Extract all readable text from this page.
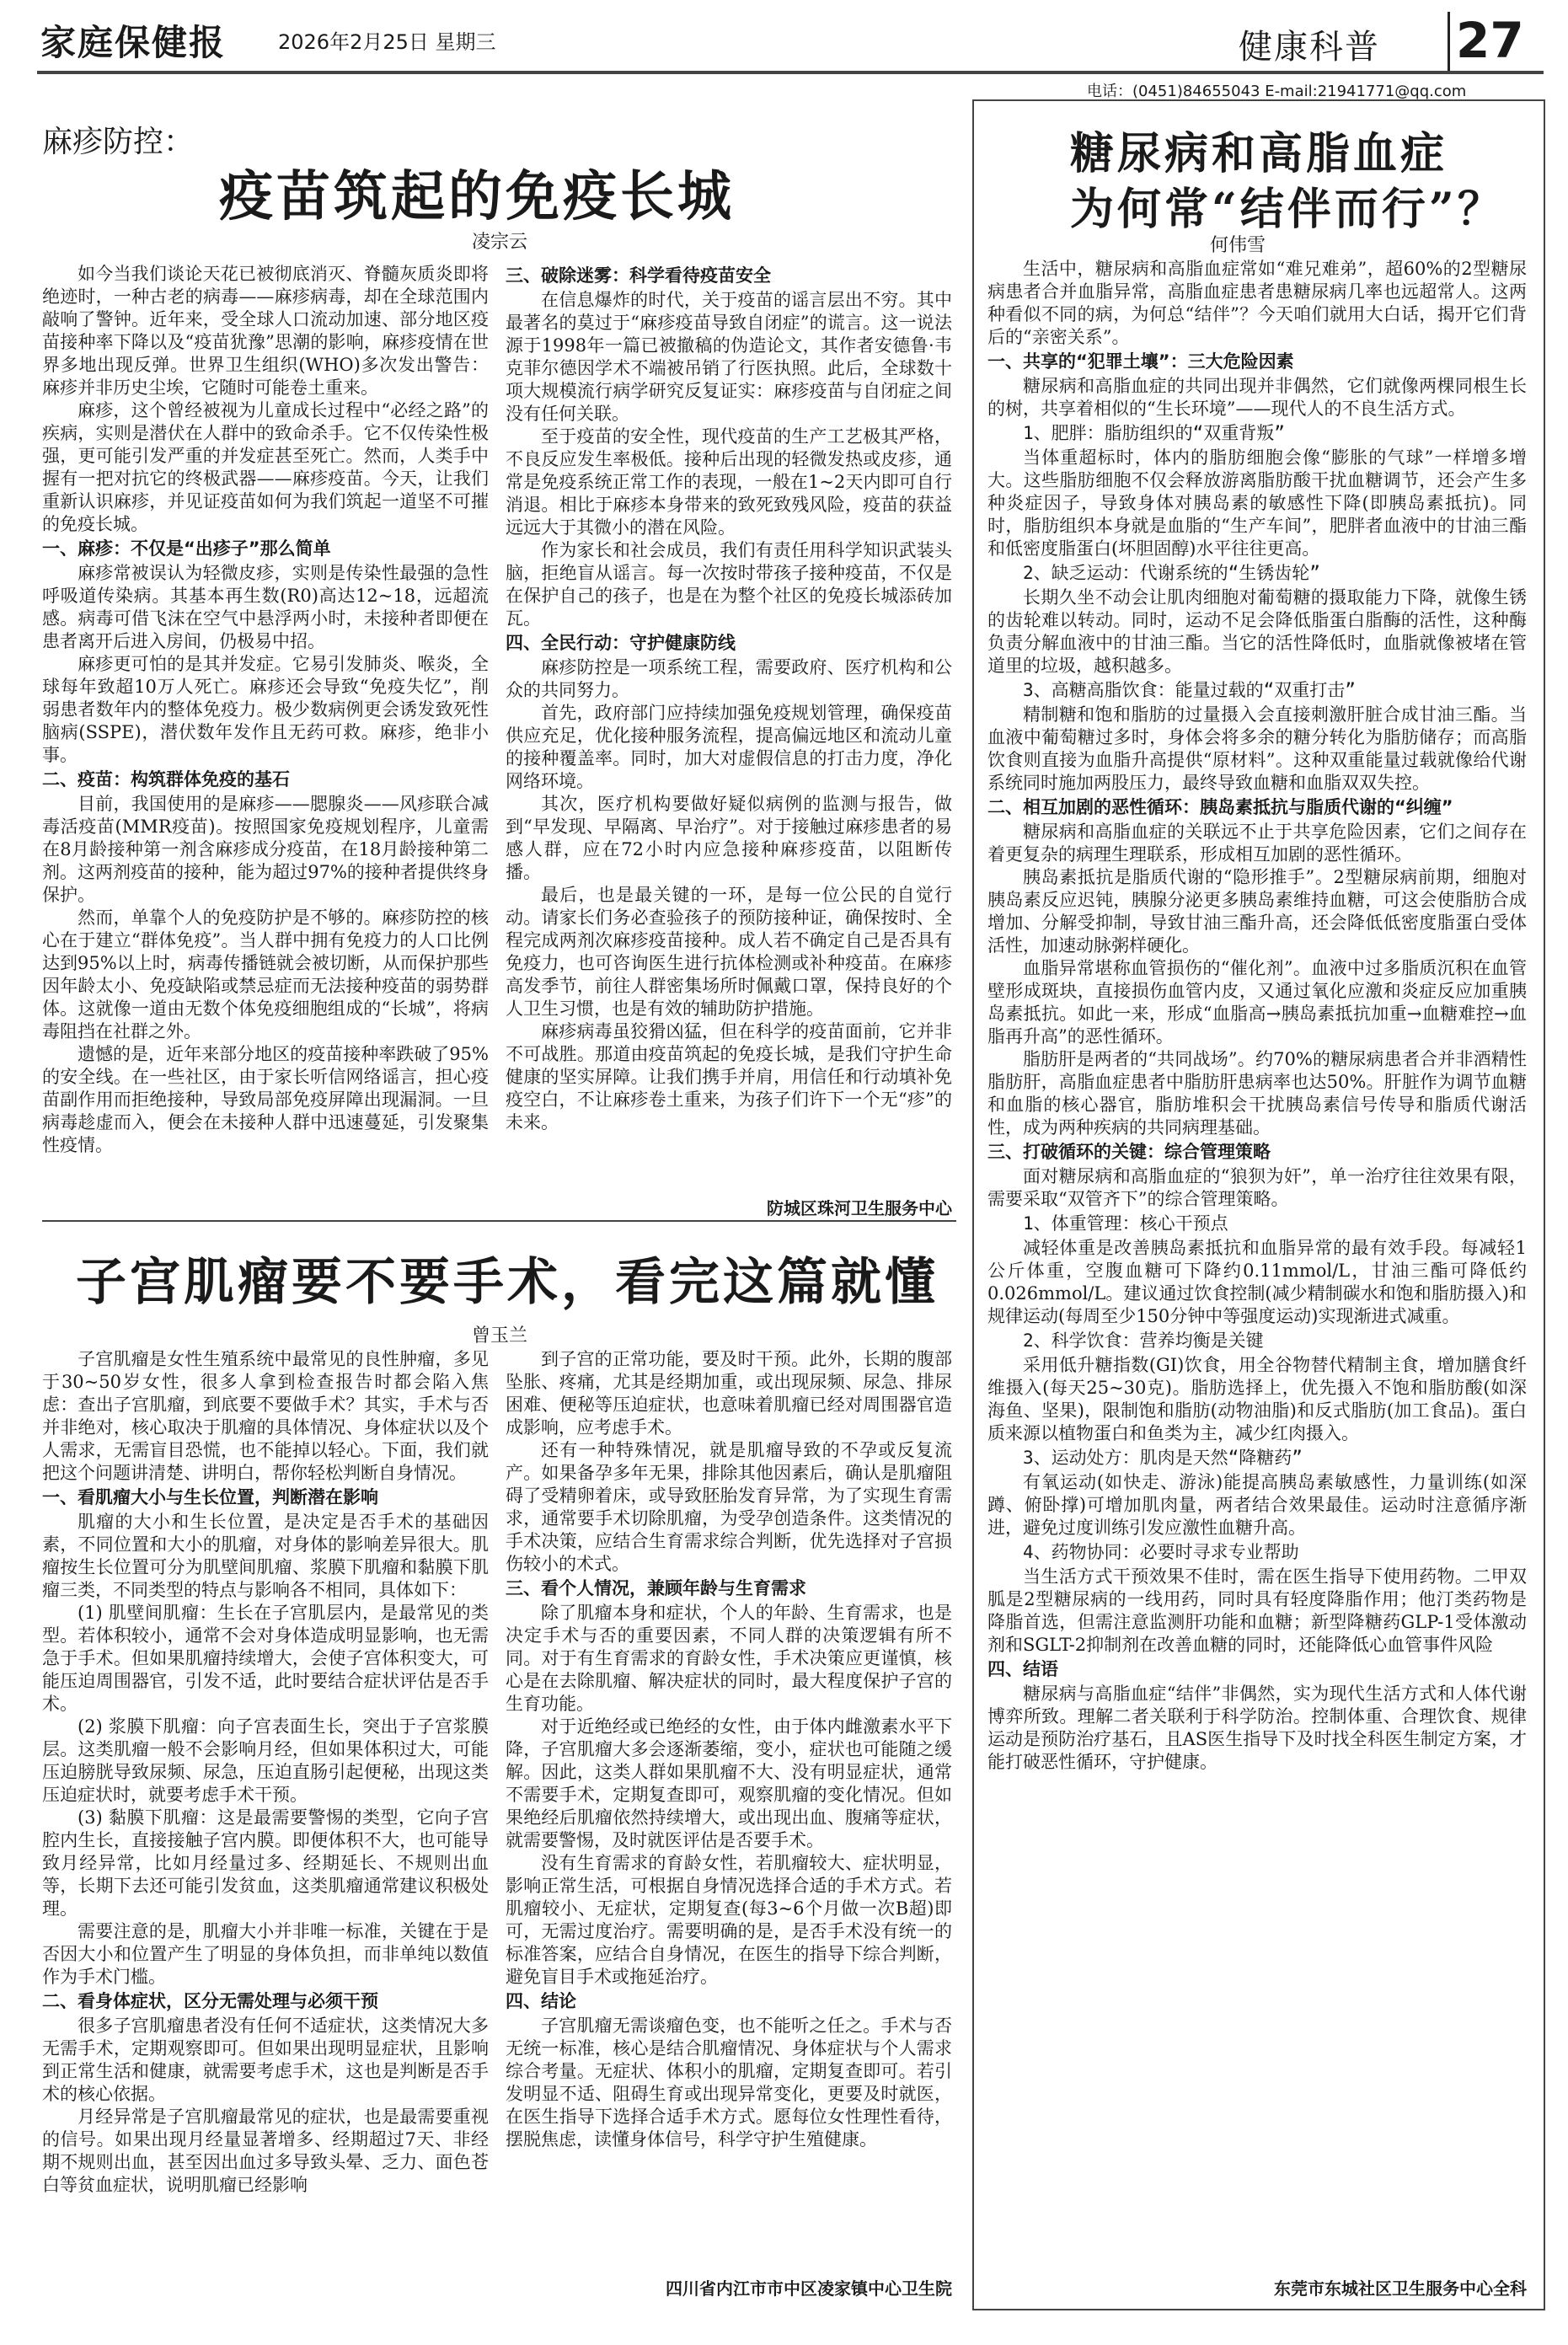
家庭保健报	2026年2月25日 星期三	健康科普 27
电话：(0451)84655043 E-mail:21941771@qq.com
麻疹防控：
疫苗筑起的免疫长城
凌宗云

如今当我们谈论天花已被彻底消灭、脊髓灰质炎即将绝迹时，一种古老的病毒——麻疹病毒，却在全球范围内敲响了警钟。近年来，受全球人口流动加速、部分地区疫苗接种率下降以及“疫苗犹豫”思潮的影响，麻疹疫情在世界多地出现反弹。世界卫生组织(WHO)多次发出警告：麻疹并非历史尘埃，它随时可能卷土重来。

麻疹，这个曾经被视为儿童成长过程中“必经之路”的疾病，实则是潜伏在人群中的致命杀手。它不仅传染性极强，更可能引发严重的并发症甚至死亡。然而，人类手中握有一把对抗它的终极武器——麻疹疫苗。今天，让我们重新认识麻疹，并见证疫苗如何为我们筑起一道坚不可摧的免疫长城。

一、麻疹：不仅是“出疹子”那么简单

麻疹常被误认为轻微皮疹，实则是传染性最强的急性呼吸道传染病。其基本再生数(R0)高达12~18，远超流感。病毒可借飞沫在空气中悬浮两小时，未接种者即便在患者离开后进入房间，仍极易中招。

麻疹更可怕的是其并发症。它易引发肺炎、喉炎，全球每年致超10万人死亡。麻疹还会导致“免疫失忆”，削弱患者数年内的整体免疫力。极少数病例更会诱发致死性脑病(SSPE)，潜伏数年发作且无药可救。麻疹，绝非小事。

二、疫苗：构筑群体免疫的基石

目前，我国使用的是麻疹——腮腺炎——风疹联合减毒活疫苗(MMR疫苗)。按照国家免疫规划程序，儿童需在8月龄接种第一剂含麻疹成分疫苗，在18月龄接种第二剂。这两剂疫苗的接种，能为超过97%的接种者提供终身保护。

然而，单靠个人的免疫防护是不够的。麻疹防控的核心在于建立“群体免疫”。当人群中拥有免疫力的人口比例达到95%以上时，病毒传播链就会被切断，从而保护那些因年龄太小、免疫缺陷或禁忌症而无法接种疫苗的弱势群体。这就像一道由无数个体免疫细胞组成的“长城”，将病毒阻挡在社群之外。

遗憾的是，近年来部分地区的疫苗接种率跌破了95%的安全线。在一些社区，由于家长听信网络谣言，担心疫苗副作用而拒绝接种，导致局部免疫屏障出现漏洞。一旦病毒趁虚而入，便会在未接种人群中迅速蔓延，引发聚集性疫情。

三、破除迷雾：科学看待疫苗安全

在信息爆炸的时代，关于疫苗的谣言层出不穷。其中最著名的莫过于“麻疹疫苗导致自闭症”的谎言。这一说法源于1998年一篇已被撤稿的伪造论文，其作者安德鲁·韦克菲尔德因学术不端被吊销了行医执照。此后，全球数十项大规模流行病学研究反复证实：麻疹疫苗与自闭症之间没有任何关联。

至于疫苗的安全性，现代疫苗的生产工艺极其严格，不良反应发生率极低。接种后出现的轻微发热或皮疹，通常是免疫系统正常工作的表现，一般在1~2天内即可自行消退。相比于麻疹本身带来的致死致残风险，疫苗的获益远远大于其微小的潜在风险。

作为家长和社会成员，我们有责任用科学知识武装头脑，拒绝盲从谣言。每一次按时带孩子接种疫苗，不仅是在保护自己的孩子，也是在为整个社区的免疫长城添砖加瓦。

四、全民行动：守护健康防线

麻疹防控是一项系统工程，需要政府、医疗机构和公众的共同努力。

首先，政府部门应持续加强免疫规划管理，确保疫苗供应充足，优化接种服务流程，提高偏远地区和流动儿童的接种覆盖率。同时，加大对虚假信息的打击力度，净化网络环境。

其次，医疗机构要做好疑似病例的监测与报告，做到“早发现、早隔离、早治疗”。对于接触过麻疹患者的易感人群，应在72小时内应急接种麻疹疫苗，以阻断传播。

最后，也是最关键的一环，是每一位公民的自觉行动。请家长们务必查验孩子的预防接种证，确保按时、全程完成两剂次麻疹疫苗接种。成人若不确定自己是否具有免疫力，也可咨询医生进行抗体检测或补种疫苗。在麻疹高发季节，前往人群密集场所时佩戴口罩，保持良好的个人卫生习惯，也是有效的辅助防护措施。

麻疹病毒虽狡猾凶猛，但在科学的疫苗面前，它并非不可战胜。那道由疫苗筑起的免疫长城，是我们守护生命健康的坚实屏障。让我们携手并肩，用信任和行动填补免疫空白，不让麻疹卷土重来，为孩子们许下一个无“疹”的未来。

防城区珠河卫生服务中心
子宫肌瘤要不要手术，看完这篇就懂
曾玉兰

子宫肌瘤是女性生殖系统中最常见的良性肿瘤，多见于30~50岁女性，很多人拿到检查报告时都会陷入焦虑：查出子宫肌瘤，到底要不要做手术？其实，手术与否并非绝对，核心取决于肌瘤的具体情况、身体症状以及个人需求，无需盲目恐慌，也不能掉以轻心。下面，我们就把这个问题讲清楚、讲明白，帮你轻松判断自身情况。

一、看肌瘤大小与生长位置，判断潜在影响

肌瘤的大小和生长位置，是决定是否手术的基础因素，不同位置和大小的肌瘤，对身体的影响差异很大。肌瘤按生长位置可分为肌壁间肌瘤、浆膜下肌瘤和黏膜下肌瘤三类，不同类型的特点与影响各不相同，具体如下：

(1) 肌壁间肌瘤：生长在子宫肌层内，是最常见的类型。若体积较小，通常不会对身体造成明显影响，也无需急于手术。但如果肌瘤持续增大，会使子宫体积变大，可能压迫周围器官，引发不适，此时要结合症状评估是否手术。

(2) 浆膜下肌瘤：向子宫表面生长，突出于子宫浆膜层。这类肌瘤一般不会影响月经，但如果体积过大，可能压迫膀胱导致尿频、尿急，压迫直肠引起便秘，出现这类压迫症状时，就要考虑手术干预。

(3) 黏膜下肌瘤：这是最需要警惕的类型，它向子宫腔内生长，直接接触子宫内膜。即便体积不大，也可能导致月经异常，比如月经量过多、经期延长、不规则出血等，长期下去还可能引发贫血，这类肌瘤通常建议积极处理。

需要注意的是，肌瘤大小并非唯一标准，关键在于是否因大小和位置产生了明显的身体负担，而非单纯以数值作为手术门槛。

二、看身体症状，区分无需处理与必须干预

很多子宫肌瘤患者没有任何不适症状，这类情况大多无需手术，定期观察即可。但如果出现明显症状，且影响到正常生活和健康，就需要考虑手术，这也是判断是否手术的核心依据。

月经异常是子宫肌瘤最常见的症状，也是最需要重视的信号。如果出现月经量显著增多、经期超过7天、非经期不规则出血，甚至因出血过多导致头晕、乏力、面色苍白等贫血症状，说明肌瘤已经影响

到子宫的正常功能，要及时干预。此外，长期的腹部坠胀、疼痛，尤其是经期加重，或出现尿频、尿急、排尿困难、便秘等压迫症状，也意味着肌瘤已经对周围器官造成影响，应考虑手术。

还有一种特殊情况，就是肌瘤导致的不孕或反复流产。如果备孕多年无果，排除其他因素后，确认是肌瘤阻碍了受精卵着床，或导致胚胎发育异常，为了实现生育需求，通常要手术切除肌瘤，为受孕创造条件。这类情况的手术决策，应结合生育需求综合判断，优先选择对子宫损伤较小的术式。

三、看个人情况，兼顾年龄与生育需求

除了肌瘤本身和症状，个人的年龄、生育需求，也是决定手术与否的重要因素，不同人群的决策逻辑有所不同。对于有生育需求的育龄女性，手术决策应更谨慎，核心是在去除肌瘤、解决症状的同时，最大程度保护子宫的生育功能。

对于近绝经或已绝经的女性，由于体内雌激素水平下降，子宫肌瘤大多会逐渐萎缩，变小，症状也可能随之缓解。因此，这类人群如果肌瘤不大、没有明显症状，通常不需要手术，定期复查即可，观察肌瘤的变化情况。但如果绝经后肌瘤依然持续增大，或出现出血、腹痛等症状，就需要警惕，及时就医评估是否要手术。

没有生育需求的育龄女性，若肌瘤较大、症状明显，影响正常生活，可根据自身情况选择合适的手术方式。若肌瘤较小、无症状，定期复查(每3~6个月做一次B超)即可，无需过度治疗。需要明确的是，是否手术没有统一的标准答案，应结合自身情况，在医生的指导下综合判断，避免盲目手术或拖延治疗。

四、结论

子宫肌瘤无需谈瘤色变，也不能听之任之。手术与否无统一标准，核心是结合肌瘤情况、身体症状与个人需求综合考量。无症状、体积小的肌瘤，定期复查即可。若引发明显不适、阻碍生育或出现异常变化，更要及时就医，在医生指导下选择合适手术方式。愿每位女性理性看待，摆脱焦虑，读懂身体信号，科学守护生殖健康。

四川省内江市市中区凌家镇中心卫生院
糖尿病和高脂血症
为何常“结伴而行”？
何伟雪

生活中，糖尿病和高脂血症常如“难兄难弟”，超60%的2型糖尿病患者合并血脂异常，高脂血症患者患糖尿病几率也远超常人。这两种看似不同的病，为何总“结伴”？今天咱们就用大白话，揭开它们背后的“亲密关系”。

一、共享的“犯罪土壤”：三大危险因素

糖尿病和高脂血症的共同出现并非偶然，它们就像两棵同根生长的树，共享着相似的“生长环境”——现代人的不良生活方式。

1、肥胖：脂肪组织的“双重背叛”

当体重超标时，体内的脂肪细胞会像“膨胀的气球”一样增多增大。这些脂肪细胞不仅会释放游离脂肪酸干扰血糖调节，还会产生多种炎症因子，导致身体对胰岛素的敏感性下降(即胰岛素抵抗)。同时，脂肪组织本身就是血脂的“生产车间”，肥胖者血液中的甘油三酯和低密度脂蛋白(坏胆固醇)水平往往更高。

2、缺乏运动：代谢系统的“生锈齿轮”

长期久坐不动会让肌肉细胞对葡萄糖的摄取能力下降，就像生锈的齿轮难以转动。同时，运动不足会降低脂蛋白脂酶的活性，这种酶负责分解血液中的甘油三酯。当它的活性降低时，血脂就像被堵在管道里的垃圾，越积越多。

3、高糖高脂饮食：能量过载的“双重打击”

精制糖和饱和脂肪的过量摄入会直接刺激肝脏合成甘油三酯。当血液中葡萄糖过多时，身体会将多余的糖分转化为脂肪储存；而高脂饮食则直接为血脂升高提供“原材料”。这种双重能量过载就像给代谢系统同时施加两股压力，最终导致血糖和血脂双双失控。

二、相互加剧的恶性循环：胰岛素抵抗与脂质代谢的“纠缠”

糖尿病和高脂血症的关联远不止于共享危险因素，它们之间存在着更复杂的病理生理联系，形成相互加剧的恶性循环。

胰岛素抵抗是脂质代谢的“隐形推手”。2型糖尿病前期，细胞对胰岛素反应迟钝，胰腺分泌更多胰岛素维持血糖，可这会使脂肪合成增加、分解受抑制，导致甘油三酯升高，还会降低低密度脂蛋白受体活性，加速动脉粥样硬化。

血脂异常堪称血管损伤的“催化剂”。血液中过多脂质沉积在血管壁形成斑块，直接损伤血管内皮，又通过氧化应激和炎症反应加重胰岛素抵抗。如此一来，形成“血脂高→胰岛素抵抗加重→血糖难控→血脂再升高”的恶性循环。

脂肪肝是两者的“共同战场”。约70%的糖尿病患者合并非酒精性脂肪肝，高脂血症患者中脂肪肝患病率也达50%。肝脏作为调节血糖和血脂的核心器官，脂肪堆积会干扰胰岛素信号传导和脂质代谢活性，成为两种疾病的共同病理基础。

三、打破循环的关键：综合管理策略

面对糖尿病和高脂血症的“狼狈为奸”，单一治疗往往效果有限，需要采取“双管齐下”的综合管理策略。

1、体重管理：核心干预点

减轻体重是改善胰岛素抵抗和血脂异常的最有效手段。每减轻1公斤体重，空腹血糖可下降约0.11mmol/L，甘油三酯可降低约0.026mmol/L。建议通过饮食控制(减少精制碳水和饱和脂肪摄入)和规律运动(每周至少150分钟中等强度运动)实现渐进式减重。

2、科学饮食：营养均衡是关键

采用低升糖指数(GI)饮食，用全谷物替代精制主食，增加膳食纤维摄入(每天25~30克)。脂肪选择上，优先摄入不饱和脂肪酸(如深海鱼、坚果)，限制饱和脂肪(动物油脂)和反式脂肪(加工食品)。蛋白质来源以植物蛋白和鱼类为主，减少红肉摄入。

3、运动处方：肌肉是天然“降糖药”

有氧运动(如快走、游泳)能提高胰岛素敏感性，力量训练(如深蹲、俯卧撑)可增加肌肉量，两者结合效果最佳。运动时注意循序渐进，避免过度训练引发应激性血糖升高。

4、药物协同：必要时寻求专业帮助

当生活方式干预效果不佳时，需在医生指导下使用药物。二甲双胍是2型糖尿病的一线用药，同时具有轻度降脂作用；他汀类药物是降脂首选，但需注意监测肝功能和血糖；新型降糖药GLP-1受体激动剂和SGLT-2抑制剂在改善血糖的同时，还能降低心血管事件风险

四、结语

糖尿病与高脂血症“结伴”非偶然，实为现代生活方式和人体代谢博弈所致。理解二者关联利于科学防治。控制体重、合理饮食、规律运动是预防治疗基石，且AS医生指导下及时找全科医生制定方案，才能打破恶性循环，守护健康。

东莞市东城社区卫生服务中心全科
